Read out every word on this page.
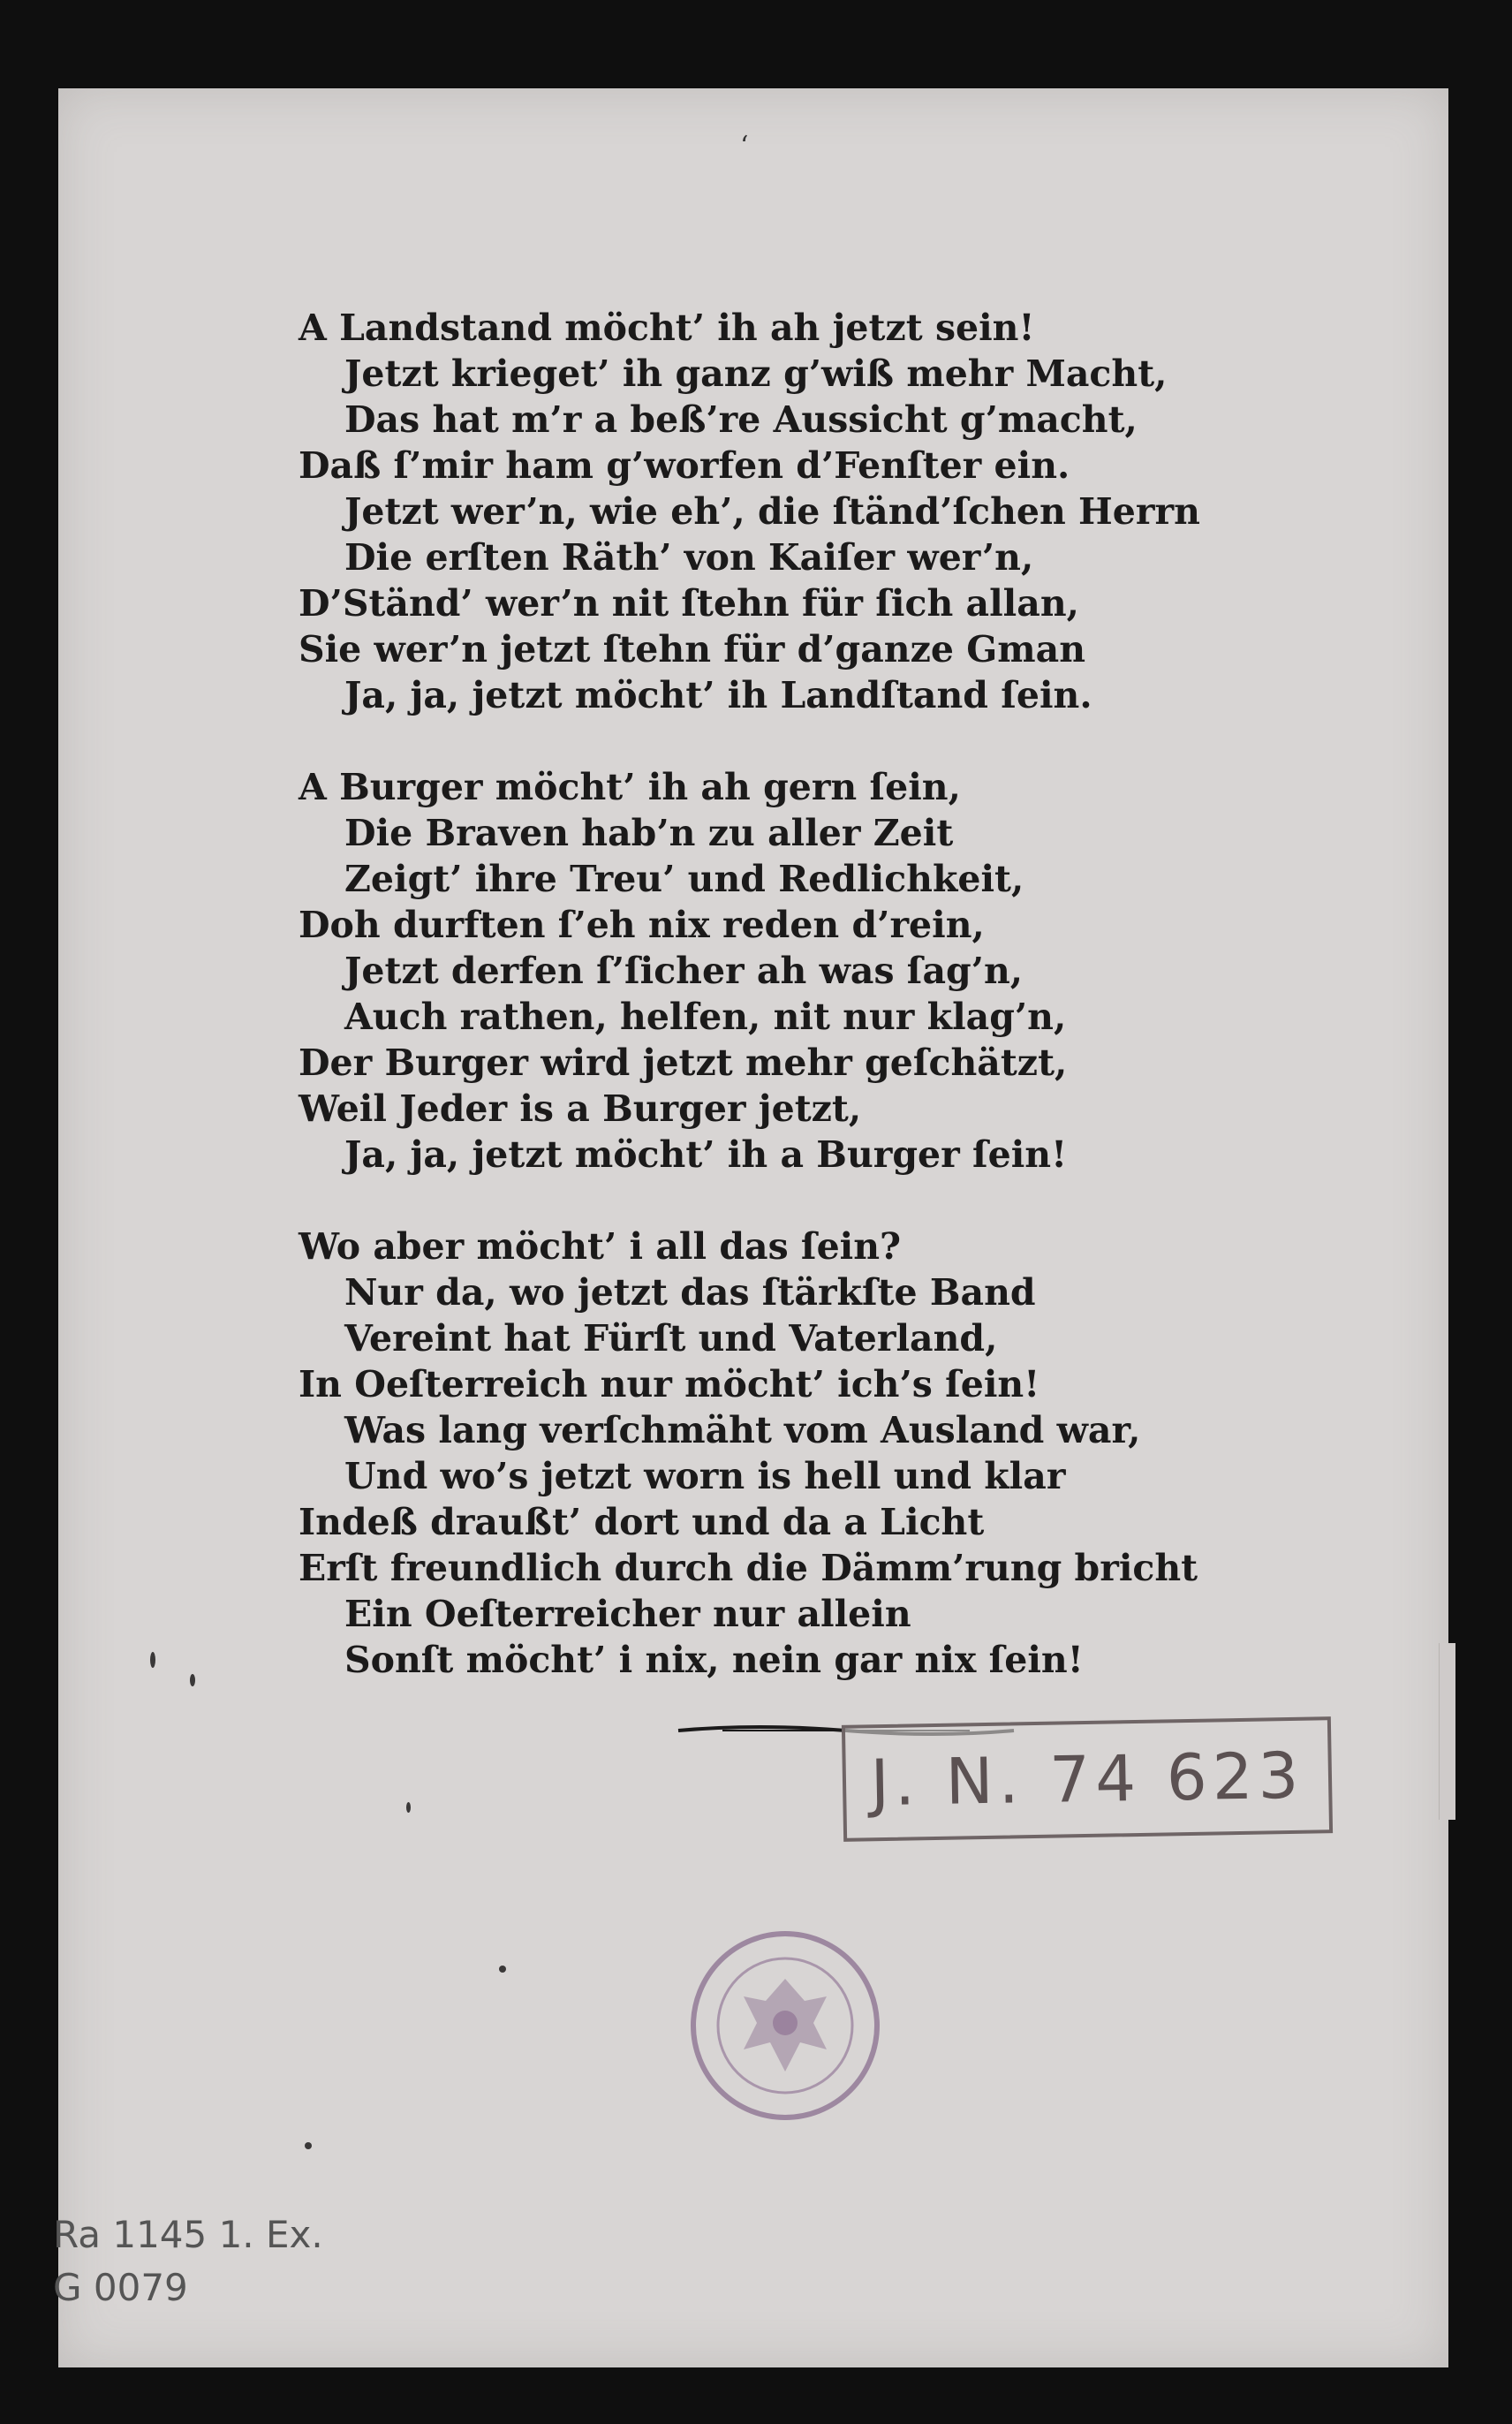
‘
A Landstand möcht’ ih ah jetzt sein!
Jetzt krieget’ ih ganz g’wiß mehr Macht,
Das hat m’r a beß’re Aussicht g’macht,
Daß ſ’mir ham g’worfen d’Fenſter ein.
Jetzt wer’n, wie eh’, die ſtänd’ſchen Herrn
Die erſten Räth’ von Kaiſer wer’n,
D’Ständ’ wer’n nit ſtehn für ſich allan,
Sie wer’n jetzt ſtehn für d’ganze Gman
Ja, ja, jetzt möcht’ ih Landſtand ſein.
A Burger möcht’ ih ah gern ſein,
Die Braven hab’n zu aller Zeit
Zeigt’ ihre Treu’ und Redlichkeit,
Doh durften ſ’eh nix reden d’rein,
Jetzt derfen ſ’ſicher ah was ſag’n,
Auch rathen, helfen, nit nur klag’n,
Der Burger wird jetzt mehr geſchätzt,
Weil Jeder is a Burger jetzt,
Ja, ja, jetzt möcht’ ih a Burger ſein!
Wo aber möcht’ i all das ſein?
Nur da, wo jetzt das ſtärkſte Band
Vereint hat Fürſt und Vaterland,
In Oeſterreich nur möcht’ ich’s ſein!
Was lang verſchmäht vom Ausland war,
Und wo’s jetzt worn is hell und klar
Indeß draußt’ dort und da a Licht
Erſt freundlich durch die Dämm’rung bricht
Ein Oeſterreicher nur allein
Sonſt möcht’ i nix, nein gar nix ſein!
J. N. 74 623
Ra 1145 1. Ex.
G 0079
